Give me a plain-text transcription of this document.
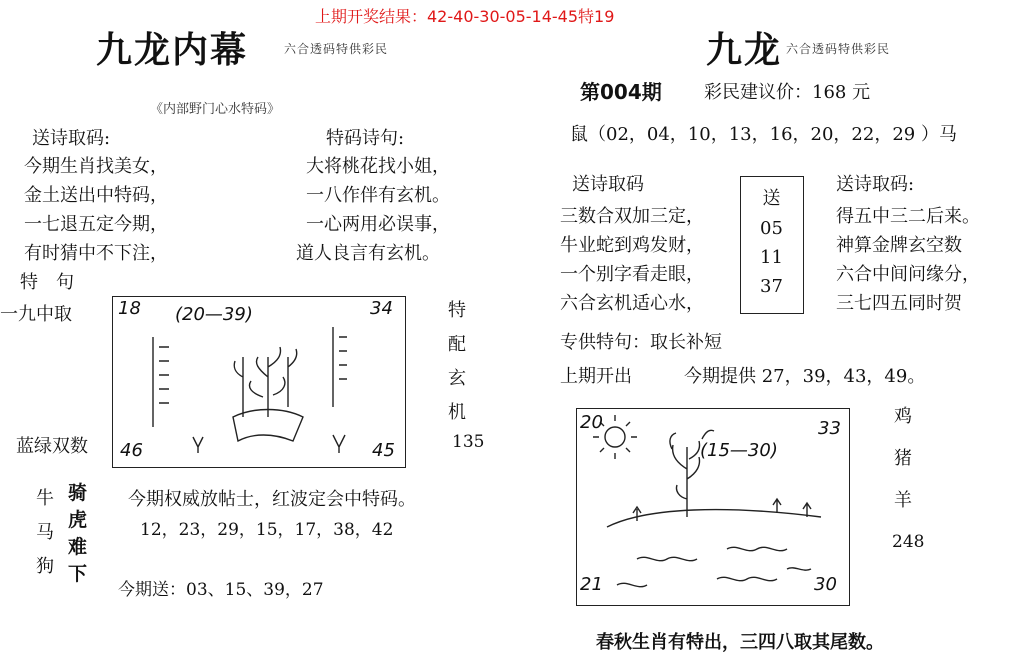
上期开奖结果：42-40-30-05-14-45特19
九龙内幕	六合透码特供彩民
《内部野门心水特码》
送诗取码:	特码诗句:
今期生肖找美女，
金土送出中特码，
一七退五定今期，
有时猜中不下注，
大将桃花找小姐，
一八作伴有玄机。
一心两用必误事，
道人良言有玄机。
特　句
一九中取	18 (20—39)	34
46	45
特
配
玄
机
135
蓝绿双数
牛
马
狗
骑
虎
难
下
今期权威放帖士，红波定会中特码。
12，23，29，15，17，38，42
今期送：03、15、39，27
九龙 六合透码特供彩民
第004期 彩民建议价：168 元
鼠（02，04，10，13，16，20，22，29 ）马
送诗取码	送诗取码:
三数合双加三定，
牛业蛇到鸡发财，
一个别字看走眼，
六合玄机适心水，
送
05
11
37
得五中三二后来。
神算金牌玄空数
六合中间问缘分，
三七四五同时贺
专供特句：取长补短
上期开出	今期提供 27，39，43，49。
20
(15—30)
33
21	30
鸡
猪
羊
248
春秋生肖有特出，三四八取其尾数。
